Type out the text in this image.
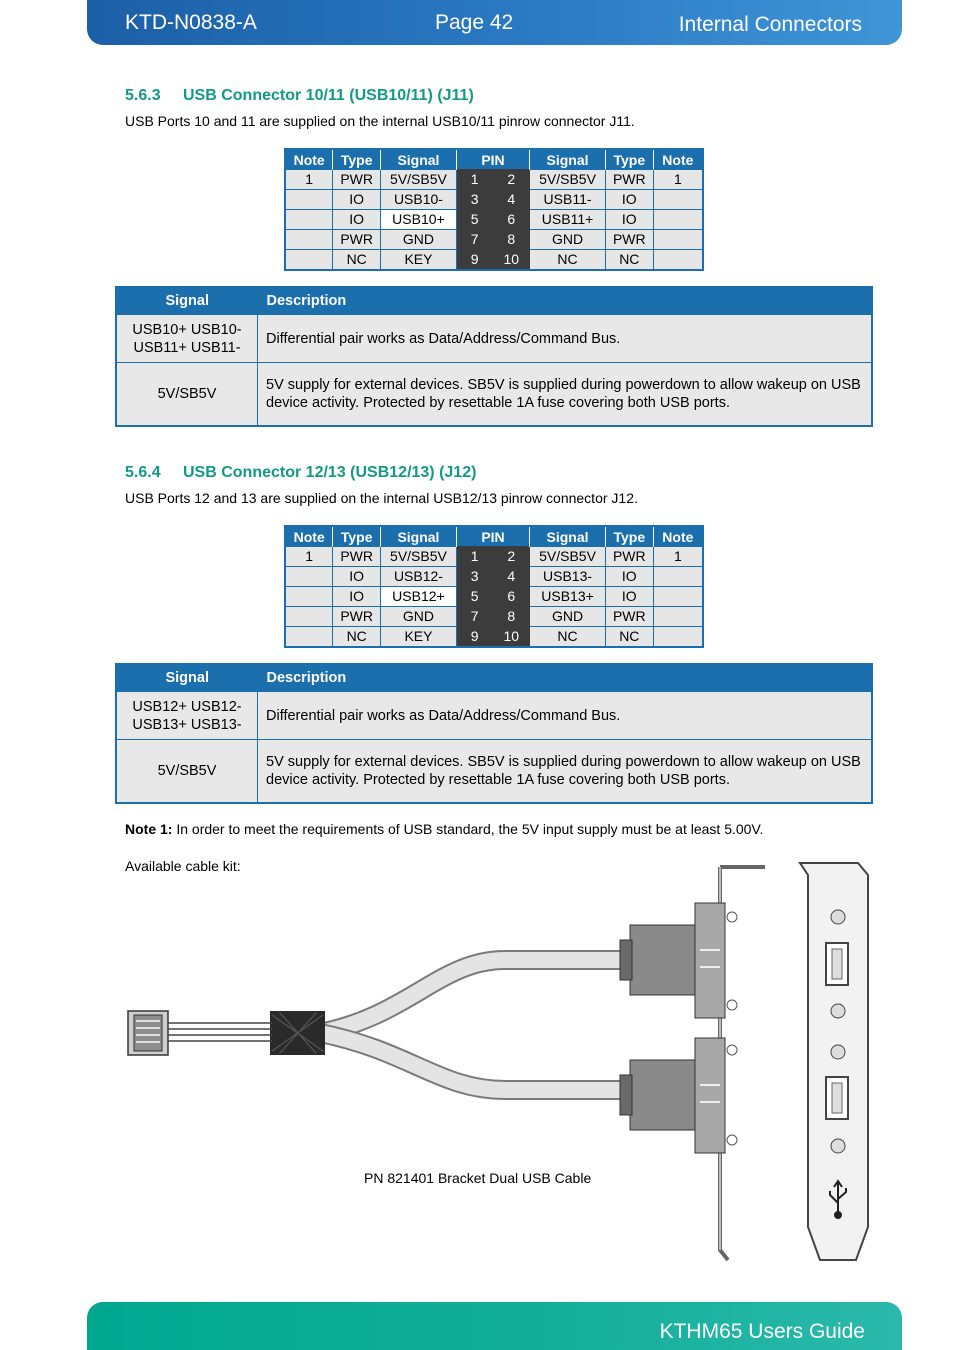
KTD-N0838-A	Page 42	Internal Connectors
5.6.3 USB Connector 10/11 (USB10/11) (J11)
USB Ports 10 and 11 are supplied on the internal USB10/11 pinrow connector J11.
Note	Type	Signal	PIN		Signal	Type	Note
1	PWR	5V/SB5V	1	2	5V/SB5V	PWR	1
	IO	USB10-	3	4	USB11-	IO	
	IO	USB10+	5	6	USB11+	IO	
	PWR	GND	7	8	GND	PWR	
	NC	KEY	9	10	NC	NC	
Signal	Description

USB10+ USB10-
USB11+ USB11-	Differential pair works as Data/Address/Command Bus.

5V/SB5V	5V supply for external devices. SB5V is supplied during powerdown to allow wakeup on USB device activity. Protected by resettable 1A fuse covering both USB ports.
5.6.4 USB Connector 12/13 (USB12/13) (J12)
USB Ports 12 and 13 are supplied on the internal USB12/13 pinrow connector J12.
Note	Type	Signal	PIN		Signal	Type	Note
1	PWR	5V/SB5V	1	2	5V/SB5V	PWR	1
	IO	USB12-	3	4	USB13-	IO	
	IO	USB12+	5	6	USB13+	IO	
	PWR	GND	7	8	GND	PWR	
	NC	KEY	9	10	NC	NC	
Signal	Description

USB12+ USB12-
USB13+ USB13-	Differential pair works as Data/Address/Command Bus.

5V/SB5V	5V supply for external devices. SB5V is supplied during powerdown to allow wakeup on USB device activity. Protected by resettable 1A fuse covering both USB ports.
Note 1: In order to meet the requirements of USB standard, the 5V input supply must be at least 5.00V.
Available cable kit:
PN 821401 Bracket Dual USB Cable
KTHM65 Users Guide
